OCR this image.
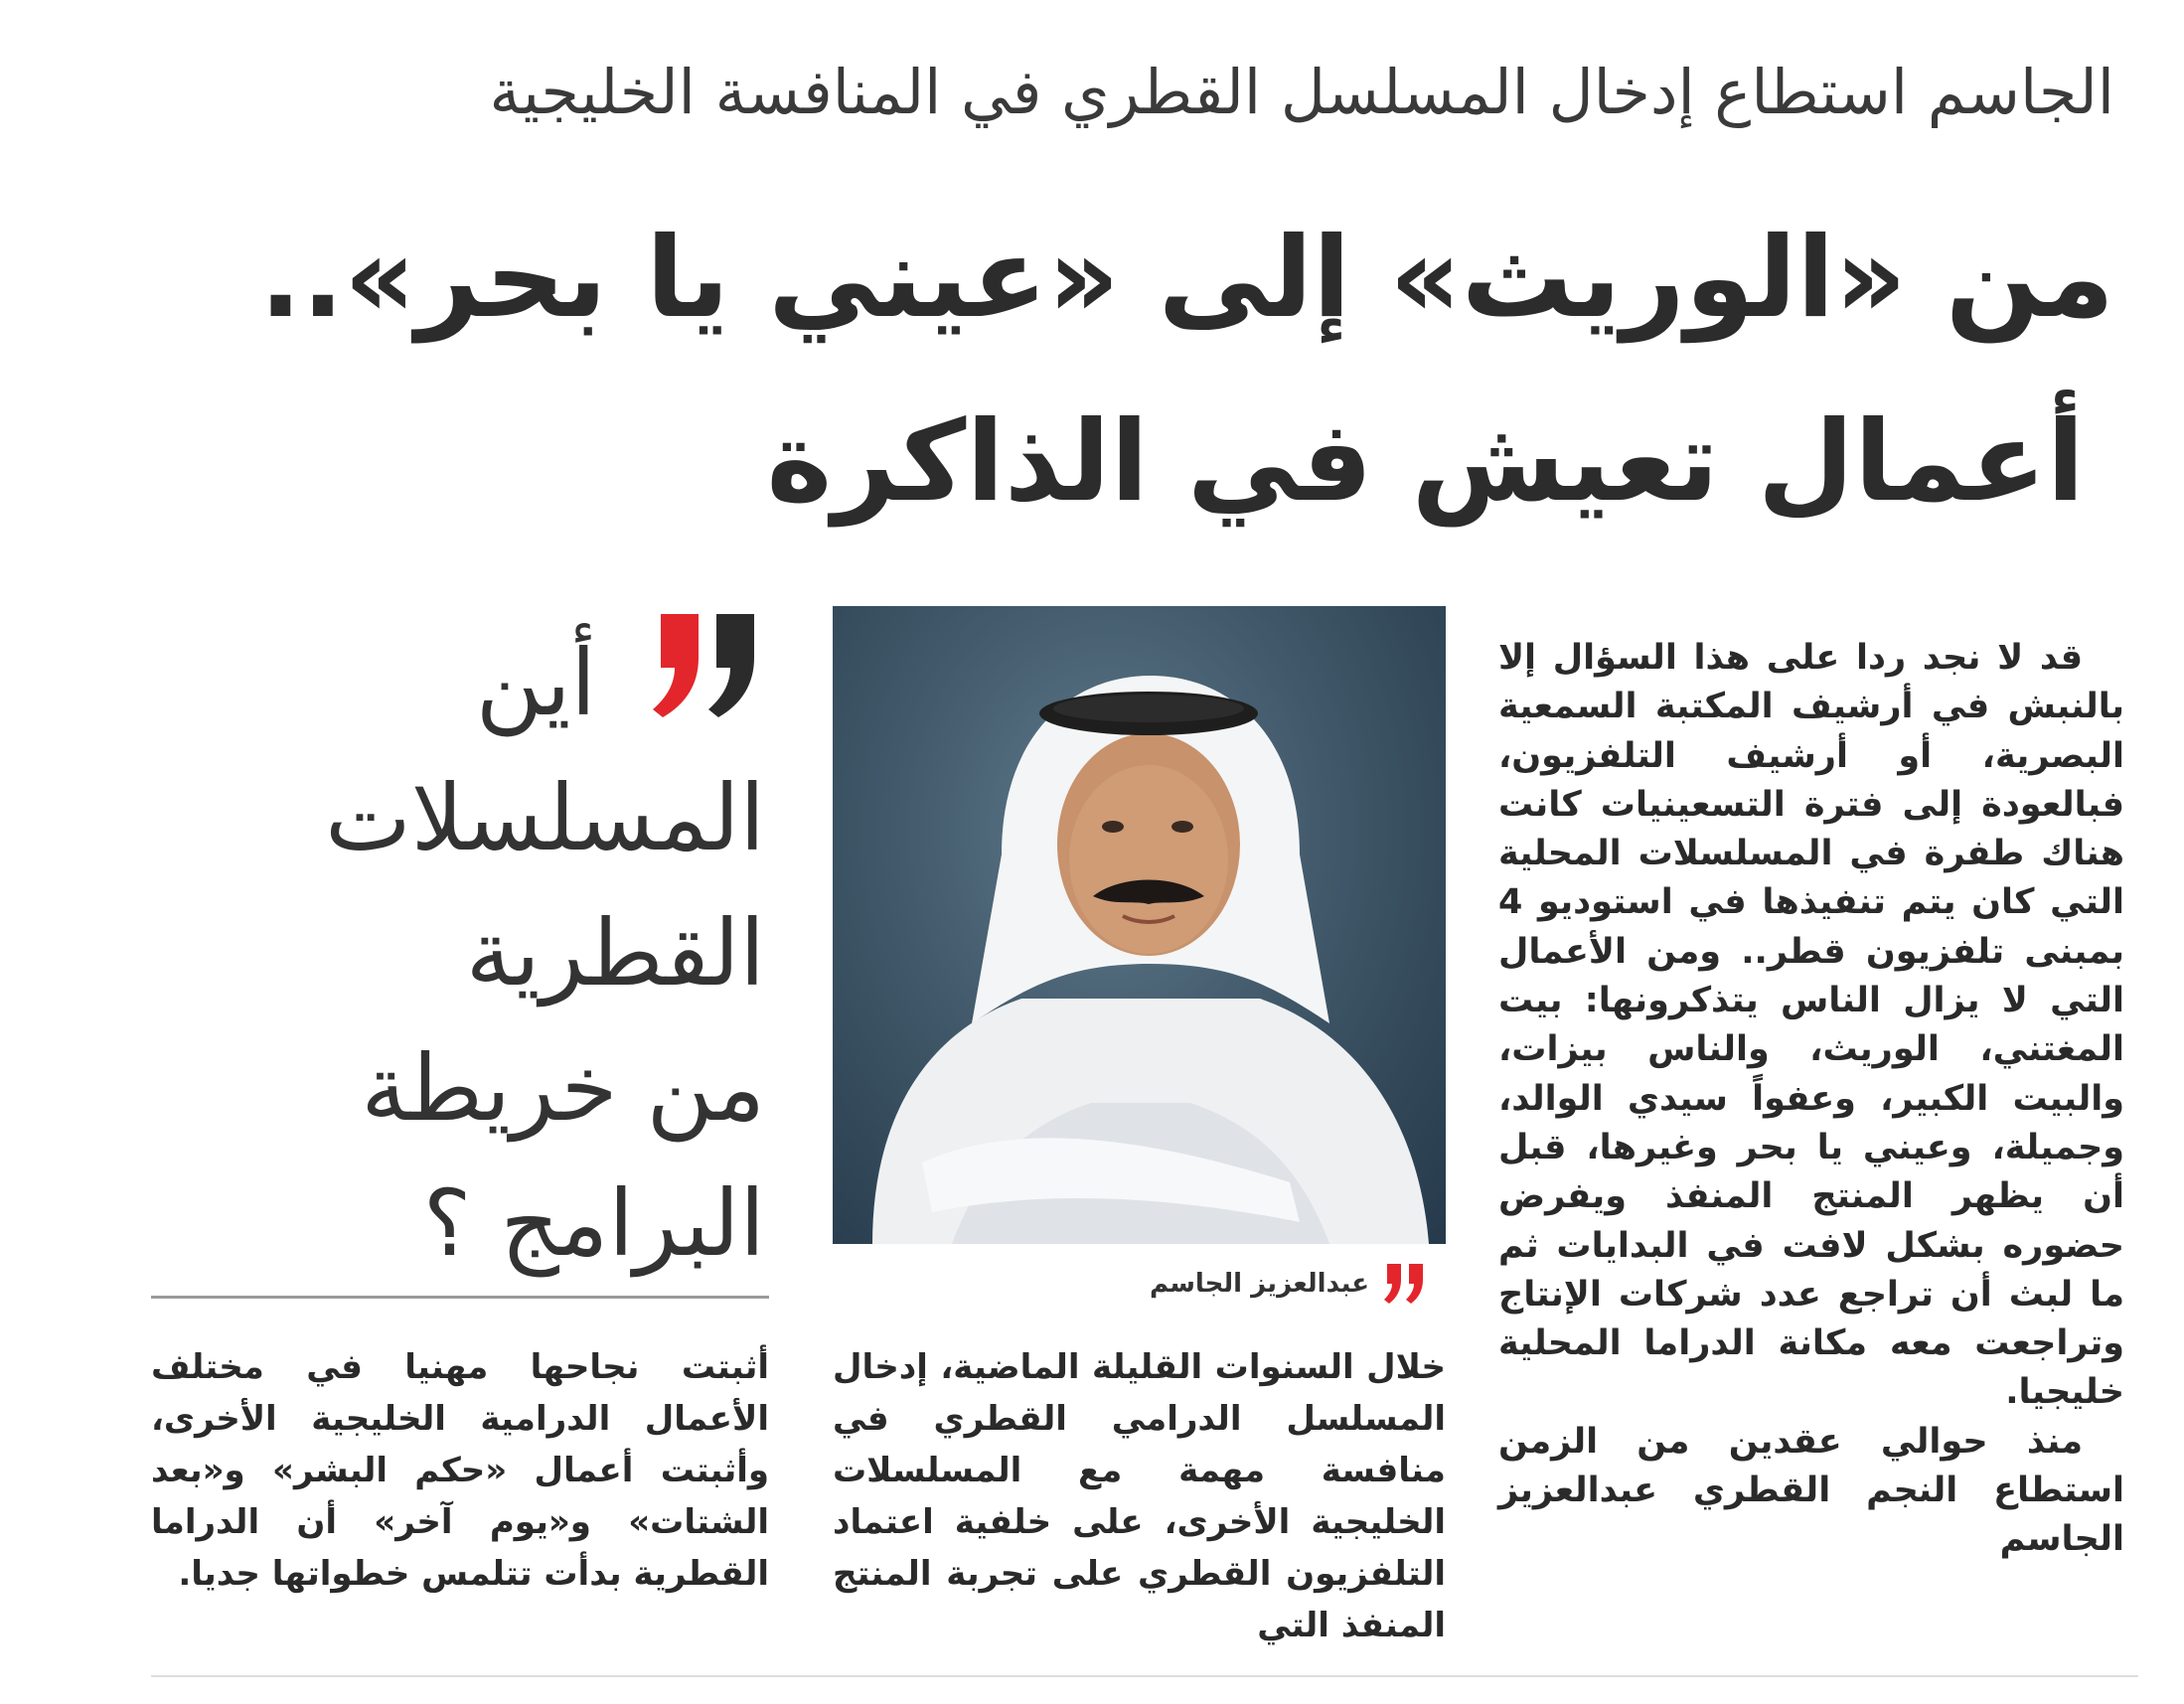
الجاسم استطاع إدخال المسلسل القطري في المنافسة الخليجية
من «الوريث» إلى «عيني يا بحر»..
أعمال تعيش في الذاكرة
أين
المسلسلات
القطرية
من خريطة
البرامج ؟
عبدالعزيز الجاسم

قد لا نجد ردا على هذا السؤال إلا بالنبش في أرشيف المكتبة السمعية البصرية، أو أرشيف التلفزيون، فبالعودة إلى فترة التسعينيات كانت هناك طفرة في المسلسلات المحلية التي كان يتم تنفيذها في استوديو 4 بمبنى تلفزيون قطر.. ومن الأعمال التي لا يزال الناس يتذكرونها: بيت المغتني، الوريث، والناس بيزات، والبيت الكبير، وعفواً سيدي الوالد، وجميلة، وعيني يا بحر وغيرها، قبل أن يظهر المنتج المنفذ ويفرض حضوره بشكل لافت في البدايات ثم ما لبث أن تراجع عدد شركات الإنتاج وتراجعت معه مكانة الدراما المحلية خليجيا.

منذ حوالي عقدين من الزمن استطاع النجم القطري عبدالعزيز الجاسم

خلال السنوات القليلة الماضية، إدخال المسلسل الدرامي القطري في منافسة مهمة مع المسلسلات الخليجية الأخرى، على خلفية اعتماد التلفزيون القطري على تجربة المنتج المنفذ التي

أثبتت نجاحها مهنيا في مختلف الأعمال الدرامية الخليجية الأخرى، وأثبتت أعمال «حكم البشر» و«بعد الشتات» و«يوم آخر» أن الدراما القطرية بدأت تتلمس خطواتها جديا.
